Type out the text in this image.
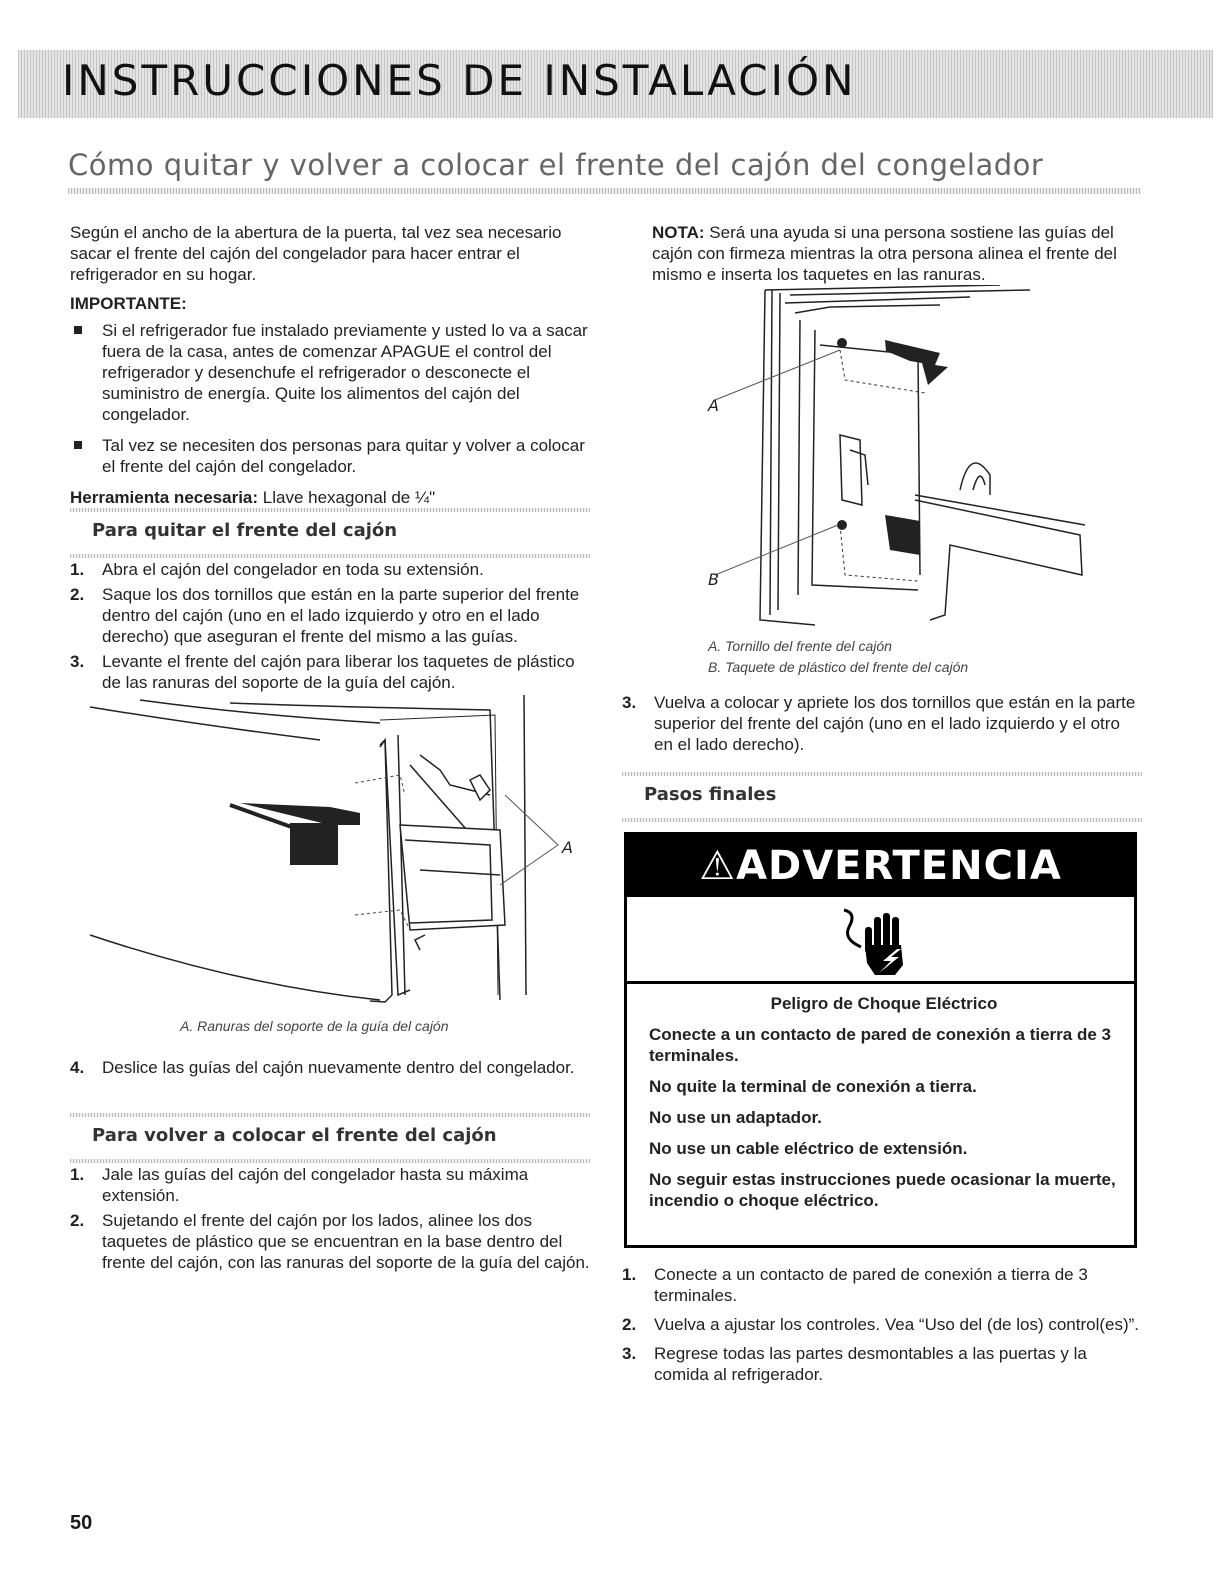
INSTRUCCIONES DE INSTALACIÓN
Cómo quitar y volver a colocar el frente del cajón del congelador

Según el ancho de la abertura de la puerta, tal vez sea necesario sacar el frente del cajón del congelador para hacer entrar el refrigerador en su hogar.

IMPORTANTE:
Si el refrigerador fue instalado previamente y usted lo va a sacar fuera de la casa, antes de comenzar APAGUE el control del refrigerador y desenchufe el refrigerador o desconecte el suministro de energía. Quite los alimentos del cajón del congelador.
Tal vez se necesiten dos personas para quitar y volver a colocar el frente del cajón del congelador.

Herramienta necesaria: Llave hexagonal de ¼"

Para quitar el frente del cajón
1. Abra el cajón del congelador en toda su extensión.
2. Saque los dos tornillos que están en la parte superior del frente dentro del cajón (uno en el lado izquierdo y otro en el lado derecho) que aseguran el frente del mismo a las guías.
3. Levante el frente del cajón para liberar los taquetes de plástico de las ranuras del soporte de la guía del cajón.
A
A. Ranuras del soporte de la guía del cajón
4. Deslice las guías del cajón nuevamente dentro del congelador.
Para volver a colocar el frente del cajón
1. Jale las guías del cajón del congelador hasta su máxima extensión.
2. Sujetando el frente del cajón por los lados, alinee los dos taquetes de plástico que se encuentran en la base dentro del frente del cajón, con las ranuras del soporte de la guía del cajón.

NOTA: Será una ayuda si una persona sostiene las guías del cajón con firmeza mientras la otra persona alinea el frente del mismo e inserta los taquetes en las ranuras.

A
B
A. Tornillo del frente del cajón
B. Taquete de plástico del frente del cajón
3. Vuelva a colocar y apriete los dos tornillos que están en la parte superior del frente del cajón (uno en el lado izquierdo y el otro en el lado derecho).
Pasos finales
⚠ADVERTENCIA

Peligro de Choque Eléctrico

Conecte a un contacto de pared de conexión a tierra de 3 terminales.

No quite la terminal de conexión a tierra.

No use un adaptador.

No use un cable eléctrico de extensión.

No seguir estas instrucciones puede ocasionar la muerte, incendio o choque eléctrico.

1. Conecte a un contacto de pared de conexión a tierra de 3 terminales.
2. Vuelva a ajustar los controles. Vea “Uso del (de los) control(es)”.
3. Regrese todas las partes desmontables a las puertas y la comida al refrigerador.
50
